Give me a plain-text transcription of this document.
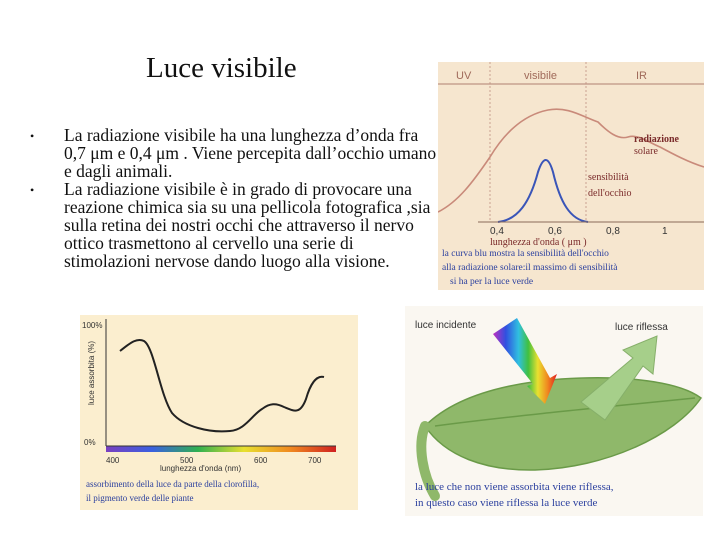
Luce visibile
• La radiazione visibile ha una lunghezza d’onda fra 0,7 μm e 0,4 μm . Viene percepita dall’occhio umano e dagli animali.
• La radiazione visibile è in grado di provocare una reazione chimica sia su una pellicola fotografica ,sia sulla retina dei nostri occhi che attraverso il nervo ottico trasmettono al cervello una serie di stimolazioni nervose dando luogo alla visione.
UV	visibile	IR
radiazione
solare
sensibilità
dell'occhio
0,4	0,6	0,8	1
lunghezza d'onda ( μm )
la curva blu mostra la sensibilità dell'occhio
alla radiazione solare:il massimo di sensibilità
si ha per la luce verde
100%
0%
luce assorbita (%)
400	500	600	700
lunghezza d'onda (nm)
assorbimento della luce da parte della clorofilla,
il pigmento verde delle piante
luce incidente	luce riflessa
la luce che non viene assorbita viene riflessa,
in questo caso viene riflessa la luce verde
